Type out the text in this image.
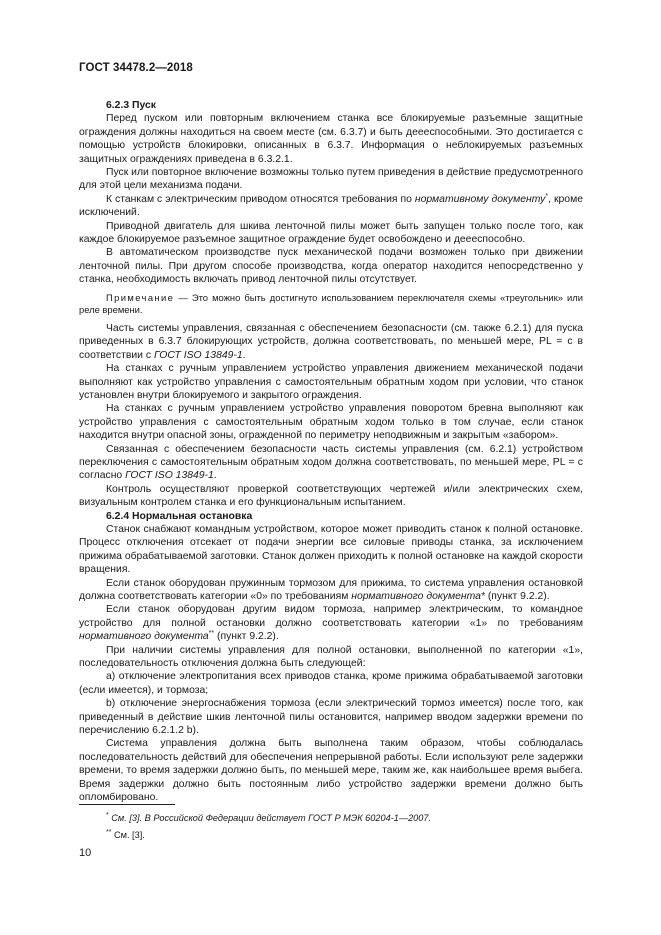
ГОСТ 34478.2—2018
6.2.3 Пуск

Перед пуском или повторным включением станка все блокируемые разъемные защитные ограждения должны находиться на своем месте (см. 6.3.7) и быть деееспособными. Это достигается с помощью устройств блокировки, описанных в 6.3.7. Информация о неблокируемых разъемных защитных ограждениях приведена в 6.3.2.1.

Пуск или повторное включение возможны только путем приведения в действие предусмотренного для этой цели механизма подачи.

К станкам с электрическим приводом относятся требования по нормативному документу*, кроме исключений.

Приводной двигатель для шкива ленточной пилы может быть запущен только после того, как каждое блокируемое разъемное защитное ограждение будет освобождено и деееспособно.

В автоматическом производстве пуск механической подачи возможен только при движении ленточной пилы. При другом способе производства, когда оператор находится непосредственно у станка, необходимость включать привод ленточной пилы отсутствует.

Примечание — Это можно быть достигнуто использованием переключателя схемы «треугольник» или реле времени.

Часть системы управления, связанная с обеспечением безопасности (см. также 6.2.1) для пуска приведенных в 6.3.7 блокирующих устройств, должна соответствовать, по меньшей мере, PL = c в соответствии с ГОСТ ISO 13849-1.

На станках с ручным управлением устройство управления движением механической подачи выполняют как устройство управления с самостоятельным обратным ходом при условии, что станок установлен внутри блокируемого и закрытого ограждения.

На станках с ручным управлением устройство управления поворотом бревна выполняют как устройство управления с самостоятельным обратным ходом только в том случае, если станок находится внутри опасной зоны, огражденной по периметру неподвижным и закрытым «забором».

Связанная с обеспечением безопасности часть системы управления (см. 6.2.1) устройством переключения с самостоятельным обратным ходом должна соответствовать, по меньшей мере, PL = c согласно ГОСТ ISO 13849-1.

Контроль осуществляют проверкой соответствующих чертежей и/или электрических схем, визуальным контролем станка и его функциональным испытанием.

6.2.4 Нормальная остановка

Станок снабжают командным устройством, которое может приводить станок к полной остановке. Процесс отключения отсекает от подачи энергии все силовые приводы станка, за исключением прижима обрабатываемой заготовки. Станок должен приходить к полной остановке на каждой скорости вращения.

Если станок оборудован пружинным тормозом для прижима, то система управления остановкой должна соответствовать категории «0» по требованиям нормативного документа* (пункт 9.2.2).

Если станок оборудован другим видом тормоза, например электрическим, то командное устройство для полной остановки должно соответствовать категории «1» по требованиям нормативного документа** (пункт 9.2.2).

При наличии системы управления для полной остановки, выполненной по категории «1», последовательность отключения должна быть следующей:

а) отключение электропитания всех приводов станка, кроме прижима обрабатываемой заготовки (если имеется), и тормоза;

b) отключение энергоснабжения тормоза (если электрический тормоз имеется) после того, как приведенный в действие шкив ленточной пилы остановится, например вводом задержки времени по перечислению 6.2.1.2 b).

Система управления должна быть выполнена таким образом, чтобы соблюдалась последовательность действий для обеспечения непрерывной работы. Если используют реле задержки времени, то время задержки должно быть, по меньшей мере, таким же, как наибольшее время выбега. Время задержки должно быть постоянным либо устройство задержки времени должно быть опломбировано.

* См. [3]. В Российской Федерации действует ГОСТ Р МЭК 60204-1—2007.
** См. [3].
10
